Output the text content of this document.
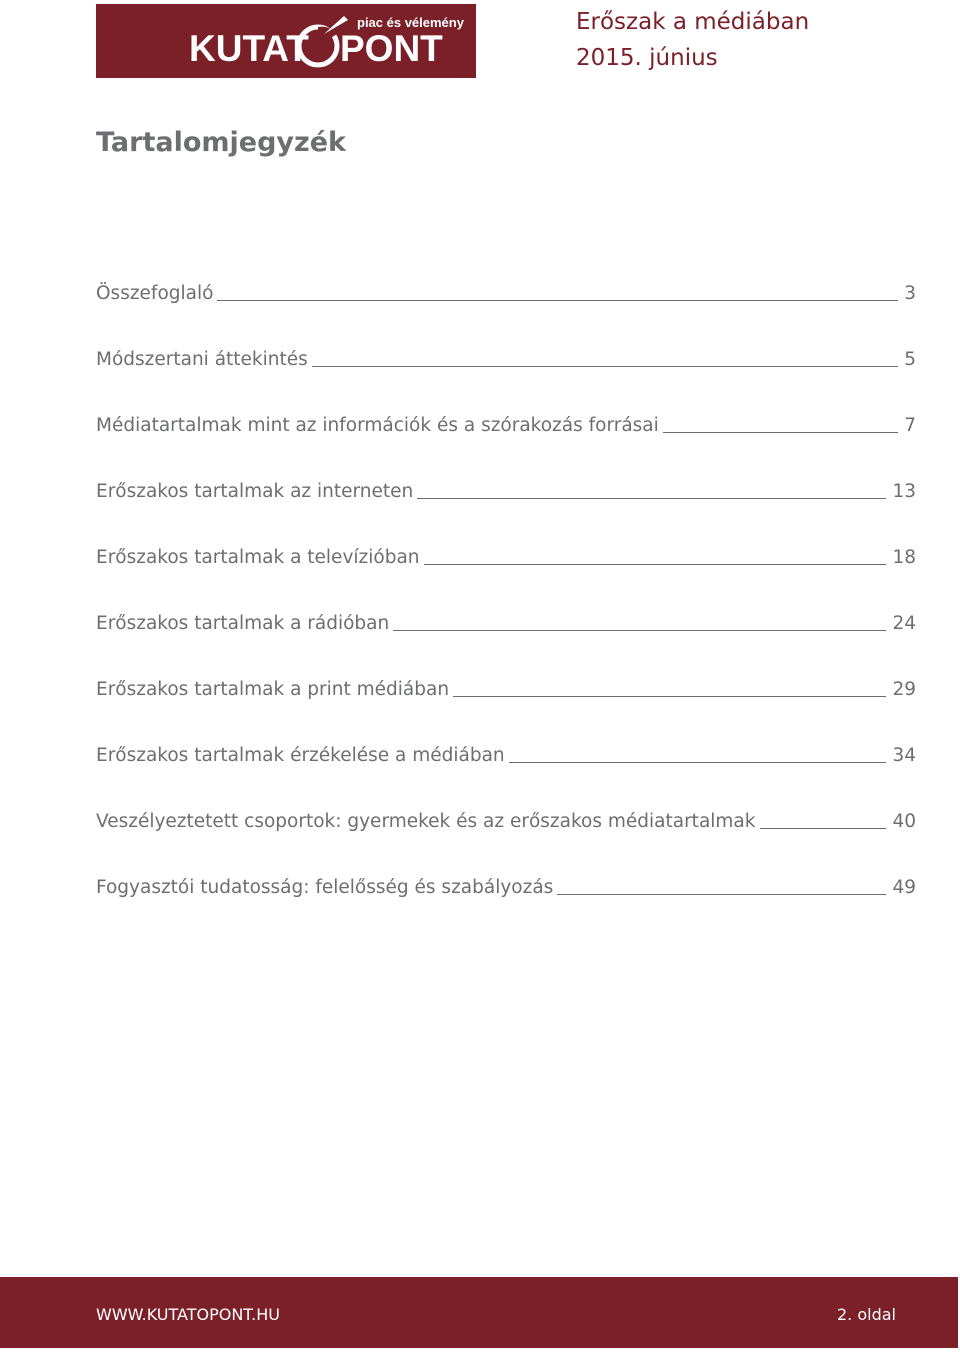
piac és vélemény
KUTAT PONT
Erőszak a médiában
2015. június
Tartalomjegyzék
Összefoglaló	3
Módszertani áttekintés	5
Médiatartalmak mint az információk és a szórakozás forrásai	7
Erőszakos tartalmak az interneten	13
Erőszakos tartalmak a televízióban	18
Erőszakos tartalmak a rádióban	24
Erőszakos tartalmak a print médiában	29
Erőszakos tartalmak érzékelése a médiában	34
Veszélyeztetett csoportok: gyermekek és az erőszakos médiatartalmak	40
Fogyasztói tudatosság: felelősség és szabályozás	49
WWW.KUTATOPONT.HU	2. oldal
